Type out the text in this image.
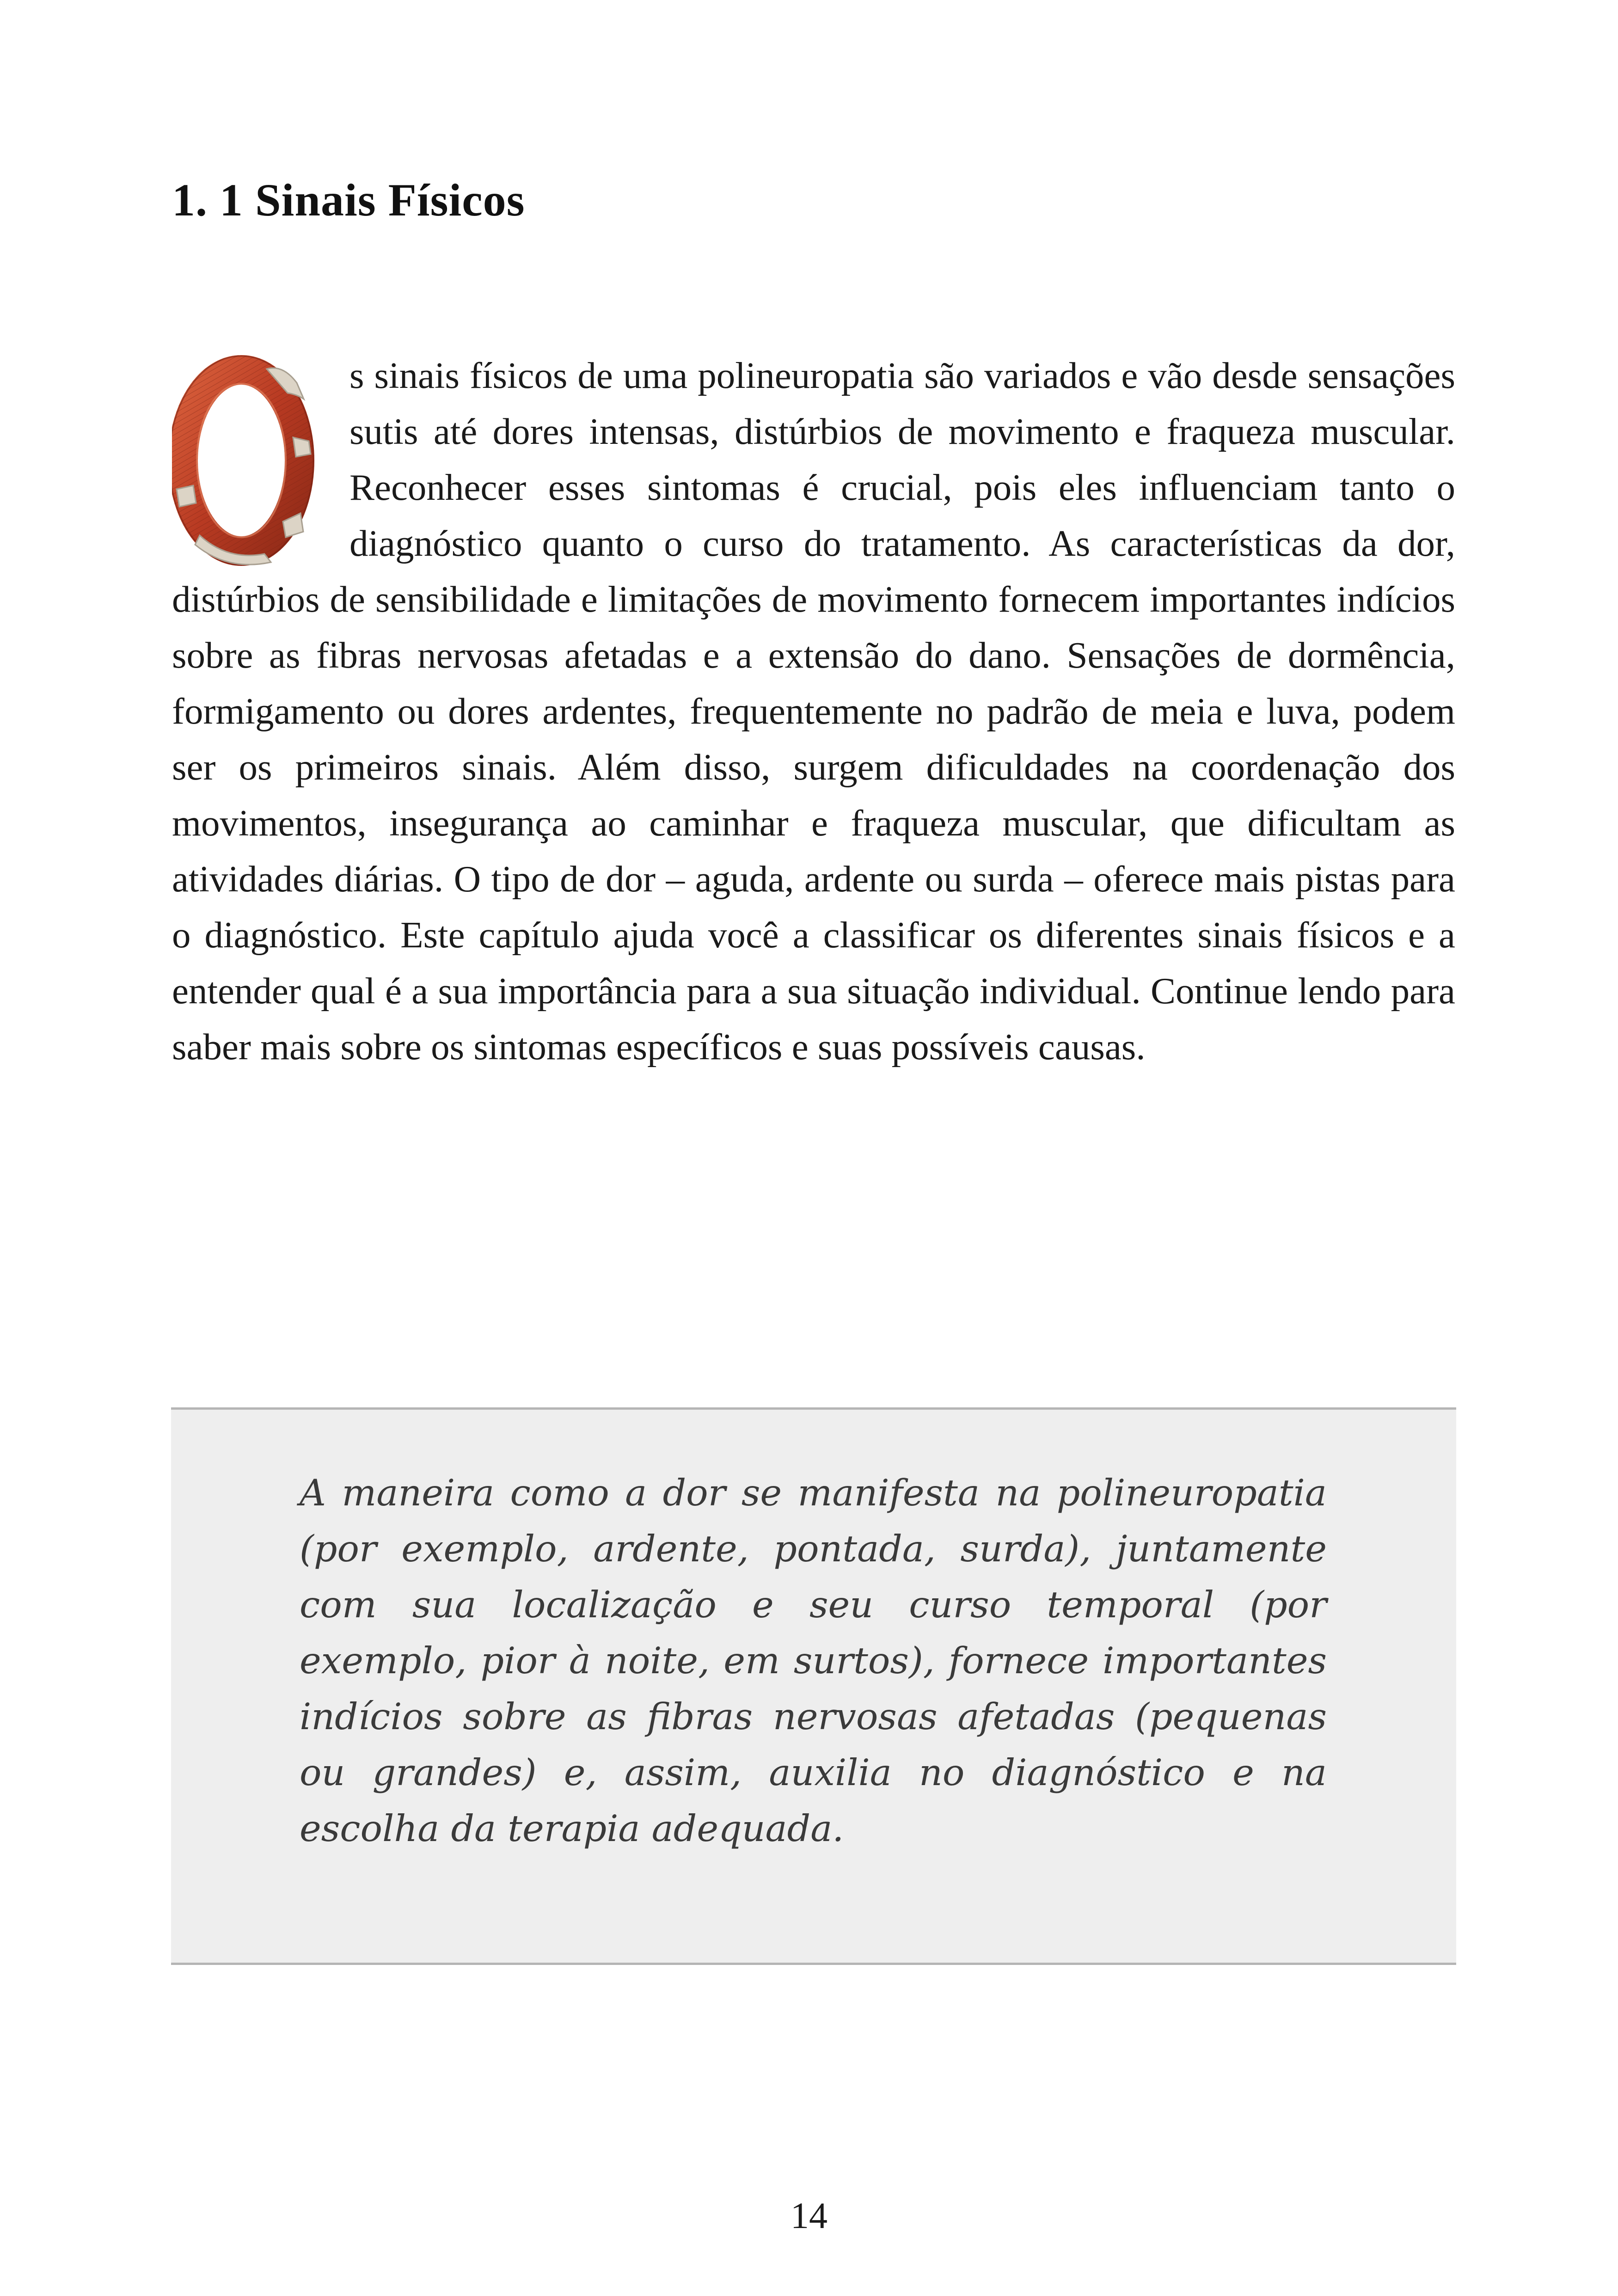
1. 1 Sinais Físicos

s sinais físicos de uma polineuropatia são variados e vão desde sensações sutis até dores intensas, distúrbios de movimento e fraqueza muscular. Reconhecer esses sintomas é crucial, pois eles influenciam tanto o diagnóstico quanto o curso do tratamento. As características da dor, distúrbios de sensibilidade e limitações de movimento fornecem importantes indícios sobre as fibras nervosas afetadas e a extensão do dano. Sensações de dormência, formigamento ou dores ardentes, frequentemente no padrão de meia e luva, podem ser os primeiros sinais. Além disso, surgem dificuldades na coordenação dos movimentos, insegurança ao caminhar e fraqueza muscular, que dificultam as atividades diárias. O tipo de dor – aguda, ardente ou surda – oferece mais pistas para o diagnóstico. Este capítulo ajuda você a classificar os diferentes sinais físicos e a entender qual é a sua importância para a sua situação individual. Continue lendo para saber mais sobre os sintomas específicos e suas possíveis causas.

A maneira como a dor se manifesta na polineuropatia (por exemplo, ardente, pontada, surda), juntamente com sua localização e seu curso temporal (por exemplo, pior à noite, em surtos), fornece importantes indícios sobre as fibras nervosas afetadas (pequenas ou grandes) e, assim, auxilia no diagnóstico e na escolha da terapia adequada.

14
